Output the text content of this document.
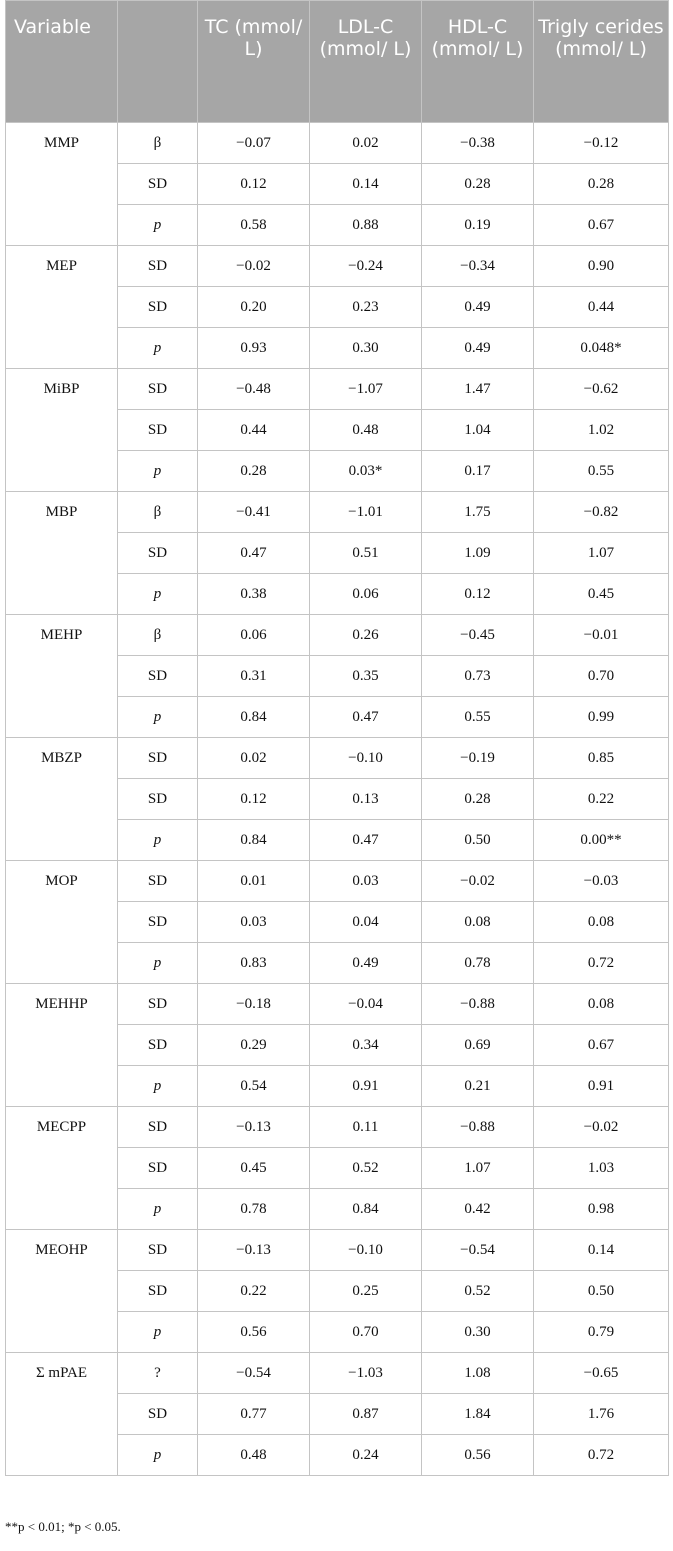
Variable		TC (mmol/ L)	LDL-C (mmol/ L)	HDL-C (mmol/ L)	Trigly cerides (mmol/ L)
MMP	β	−0.07	0.02	−0.38	−0.12
	SD	0.12	0.14	0.28	0.28
	p	0.58	0.88	0.19	0.67
MEP	SD	−0.02	−0.24	−0.34	0.90
	SD	0.20	0.23	0.49	0.44
	p	0.93	0.30	0.49	0.048*
MiBP	SD	−0.48	−1.07	1.47	−0.62
	SD	0.44	0.48	1.04	1.02
	p	0.28	0.03*	0.17	0.55
MBP	β	−0.41	−1.01	1.75	−0.82
	SD	0.47	0.51	1.09	1.07
	p	0.38	0.06	0.12	0.45
MEHP	β	0.06	0.26	−0.45	−0.01
	SD	0.31	0.35	0.73	0.70
	p	0.84	0.47	0.55	0.99
MBZP	SD	0.02	−0.10	−0.19	0.85
	SD	0.12	0.13	0.28	0.22
	p	0.84	0.47	0.50	0.00**
MOP	SD	0.01	0.03	−0.02	−0.03
	SD	0.03	0.04	0.08	0.08
	p	0.83	0.49	0.78	0.72
MEHHP	SD	−0.18	−0.04	−0.88	0.08
	SD	0.29	0.34	0.69	0.67
	p	0.54	0.91	0.21	0.91
MECPP	SD	−0.13	0.11	−0.88	−0.02
	SD	0.45	0.52	1.07	1.03
	p	0.78	0.84	0.42	0.98
MEOHP	SD	−0.13	−0.10	−0.54	0.14
	SD	0.22	0.25	0.52	0.50
	p	0.56	0.70	0.30	0.79
Σ mPAE	?	−0.54	−1.03	1.08	−0.65
	SD	0.77	0.87	1.84	1.76
	p	0.48	0.24	0.56	0.72
**p < 0.01; *p < 0.05.
